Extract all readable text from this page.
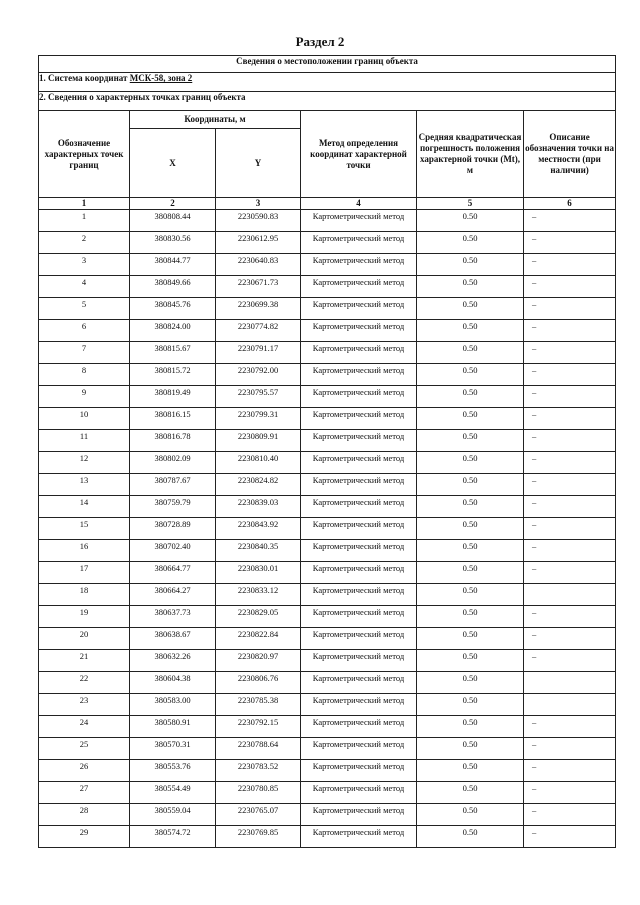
Раздел 2
Сведения о местоположении границ объекта					
1. Система координат МСК-58, зона 2					
2. Сведения о характерных точках границ объекта					
Обозначение характерных точек границ	Координаты, м		Метод определения координат характерной точки	Средняя квадратическая погрешность положения характерной точки (Mt), м	Описание обозначения точки на местности (при наличии)
	X	Y			
1	2	3	4	5	6

1	380808.44	2230590.83	Картометрический метод	0.50	–

2	380830.56	2230612.95	Картометрический метод	0.50	–

3	380844.77	2230640.83	Картометрический метод	0.50	–

4	380849.66	2230671.73	Картометрический метод	0.50	–

5	380845.76	2230699.38	Картометрический метод	0.50	–

6	380824.00	2230774.82	Картометрический метод	0.50	–

7	380815.67	2230791.17	Картометрический метод	0.50	–

8	380815.72	2230792.00	Картометрический метод	0.50	–

9	380819.49	2230795.57	Картометрический метод	0.50	–

10	380816.15	2230799.31	Картометрический метод	0.50	–

11	380816.78	2230809.91	Картометрический метод	0.50	–

12	380802.09	2230810.40	Картометрический метод	0.50	–

13	380787.67	2230824.82	Картометрический метод	0.50	–

14	380759.79	2230839.03	Картометрический метод	0.50	–

15	380728.89	2230843.92	Картометрический метод	0.50	–

16	380702.40	2230840.35	Картометрический метод	0.50	–

17	380664.77	2230830.01	Картометрический метод	0.50	–

18	380664.27	2230833.12	Картометрический метод	0.50	

19	380637.73	2230829.05	Картометрический метод	0.50	–

20	380638.67	2230822.84	Картометрический метод	0.50	–

21	380632.26	2230820.97	Картометрический метод	0.50	–

22	380604.38	2230806.76	Картометрический метод	0.50	

23	380583.00	2230785.38	Картометрический метод	0.50	

24	380580.91	2230792.15	Картометрический метод	0.50	–

25	380570.31	2230788.64	Картометрический метод	0.50	–

26	380553.76	2230783.52	Картометрический метод	0.50	–

27	380554.49	2230780.85	Картометрический метод	0.50	–

28	380559.04	2230765.07	Картометрический метод	0.50	–

29	380574.72	2230769.85	Картометрический метод	0.50	–
